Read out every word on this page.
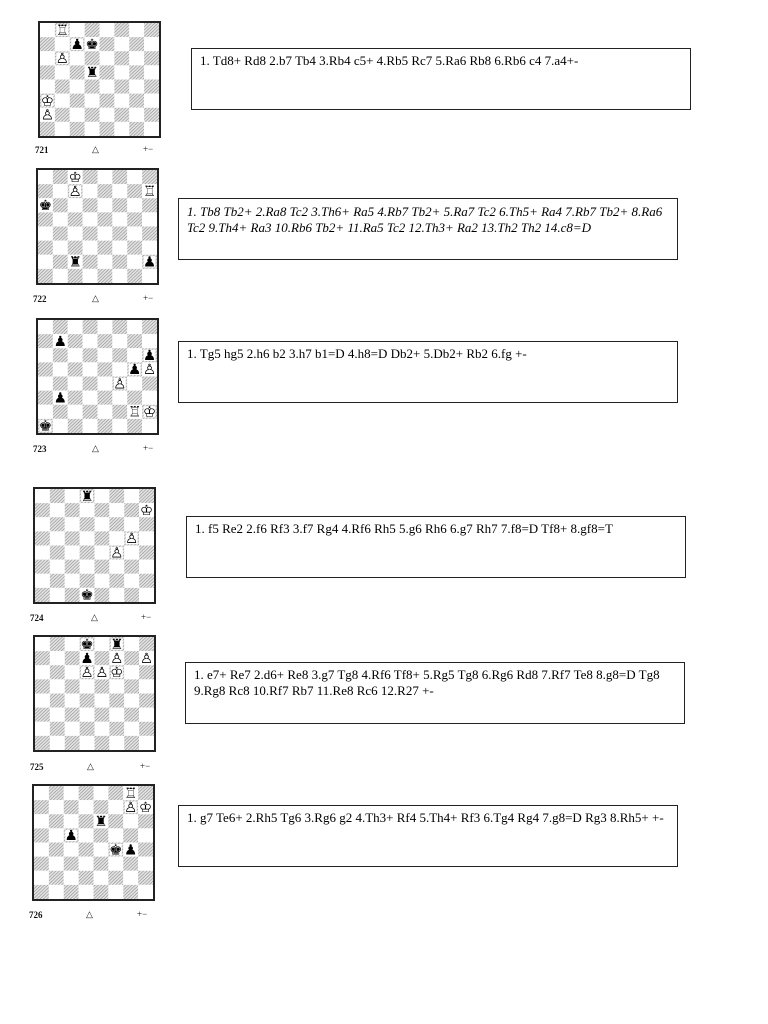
♖
♟ ♚
♙
♜
♔
♙
721	△	+−
1. Td8+ Rd8 2.b7 Tb4 3.Rb4 c5+ 4.Rb5 Rc7 5.Ra6 Rb8 6.Rb6 c4 7.a4+-
♔
♙	♖
♚
♜	♟
722	△	+−
1. Tb8 Tb2+ 2.Ra8 Tc2 3.Th6+ Ra5 4.Rb7 Tb2+ 5.Ra7 Tc2 6.Th5+ Ra4 7.Rb7 Tb2+ 8.Ra6 Tc2 9.Th4+ Ra3 10.Rb6 Tb2+ 11.Ra5 Tc2 12.Th3+ Ra2 13.Th2 Th2 14.c8=D
♟
♟
♟ ♙
♙
♟
♖ ♔
♚
723	△	+−
1. Tg5 hg5 2.h6 b2 3.h7 b1=D 4.h8=D Db2+ 5.Db2+ Rb2 6.fg +-
♜
♔
♙
♙
♚
724	△	+−
1. f5 Re2 2.f6 Rf3 3.f7 Rg4 4.Rf6 Rh5 5.g6 Rh6 6.g7 Rh7 7.f8=D Tf8+ 8.gf8=T
♚ ♜
♟ ♙ ♙
♙ ♙ ♔
725	△	+−
1. e7+ Re7 2.d6+ Re8 3.g7 Tg8 4.Rf6 Tf8+ 5.Rg5 Tg8 6.Rg6 Rd8 7.Rf7 Te8 8.g8=D Tg8 9.Rg8 Rc8 10.Rf7 Rb7 11.Re8 Rc6 12.R27 +-
♖
♙ ♔
♜
♟
♚ ♟
726	△	+−
1. g7 Te6+ 2.Rh5 Tg6 3.Rg6 g2 4.Th3+ Rf4 5.Th4+ Rf3 6.Tg4 Rg4 7.g8=D Rg3 8.Rh5+ +-
